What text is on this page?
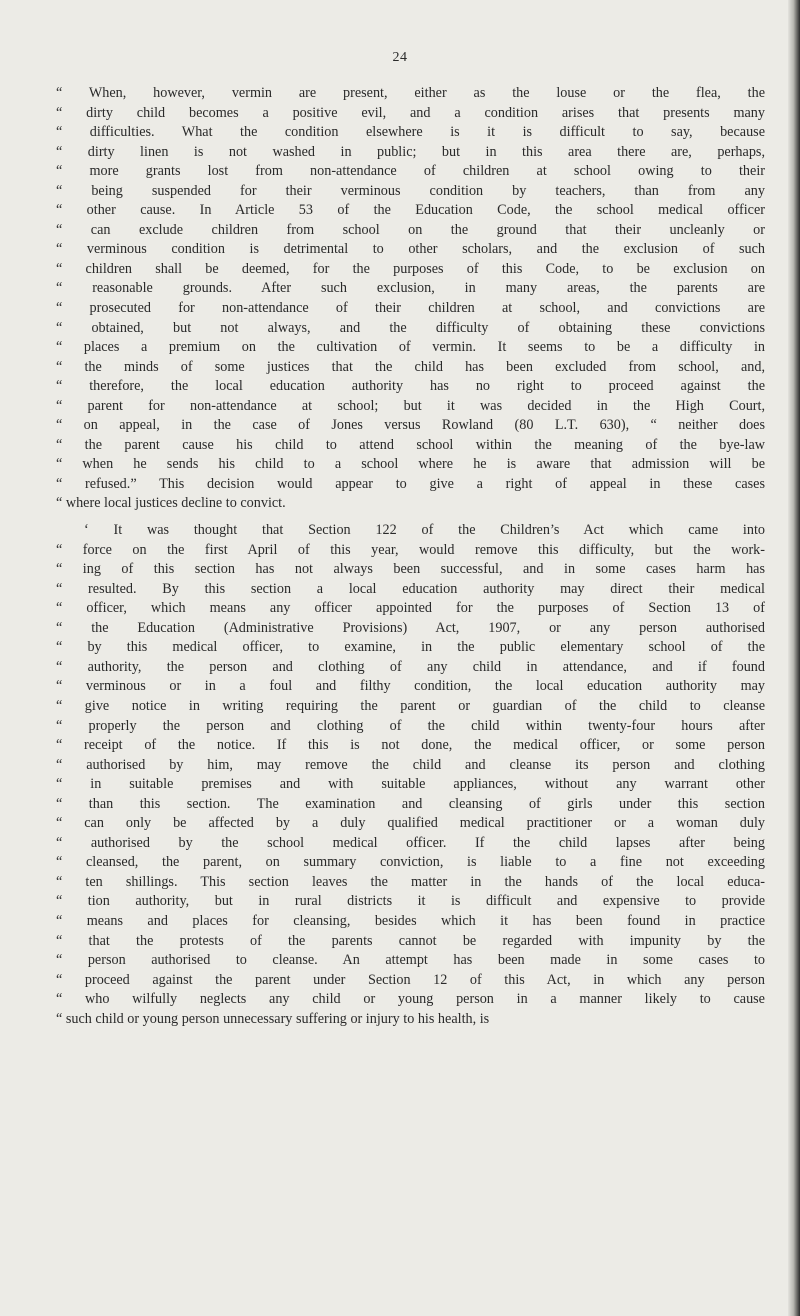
24
“ When, however, vermin are present, either as the louse or the flea, the
“ dirty child becomes a positive evil, and a condition arises that presents many
“ difficulties. What the condition elsewhere is it is difficult to say, because
“ dirty linen is not washed in public; but in this area there are, perhaps,
“ more grants lost from non-attendance of children at school owing to their
“ being suspended for their verminous condition by teachers, than from any
“ other cause. In Article 53 of the Education Code, the school medical officer
“ can exclude children from school on the ground that their uncleanly or
“ verminous condition is detrimental to other scholars, and the exclusion of such
“ children shall be deemed, for the purposes of this Code, to be exclusion on
“ reasonable grounds. After such exclusion, in many areas, the parents are
“ prosecuted for non-attendance of their children at school, and convictions are
“ obtained, but not always, and the difficulty of obtaining these convictions
“ places a premium on the cultivation of vermin. It seems to be a difficulty in
“ the minds of some justices that the child has been excluded from school, and,
“ therefore, the local education authority has no right to proceed against the
“ parent for non-attendance at school; but it was decided in the High Court,
“ on appeal, in the case of Jones versus Rowland (80 L.T. 630), “ neither does
“ the parent cause his child to attend school within the meaning of the bye-law
“ when he sends his child to a school where he is aware that admission will be
“ refused.” This decision would appear to give a right of appeal in these cases
“ where local justices decline to convict.
‘ It was thought that Section 122 of the Children’s Act which came into
“ force on the first April of this year, would remove this difficulty, but the work-
“ ing of this section has not always been successful, and in some cases harm has
“ resulted. By this section a local education authority may direct their medical
“ officer, which means any officer appointed for the purposes of Section 13 of
“ the Education (Administrative Provisions) Act, 1907, or any person authorised
“ by this medical officer, to examine, in the public elementary school of the
“ authority, the person and clothing of any child in attendance, and if found
“ verminous or in a foul and filthy condition, the local education authority may
“ give notice in writing requiring the parent or guardian of the child to cleanse
“ properly the person and clothing of the child within twenty-four hours after
“ receipt of the notice. If this is not done, the medical officer, or some person
“ authorised by him, may remove the child and cleanse its person and clothing
“ in suitable premises and with suitable appliances, without any warrant other
“ than this section. The examination and cleansing of girls under this section
“ can only be affected by a duly qualified medical practitioner or a woman duly
“ authorised by the school medical officer. If the child lapses after being
“ cleansed, the parent, on summary conviction, is liable to a fine not exceeding
“ ten shillings. This section leaves the matter in the hands of the local educa-
“ tion authority, but in rural districts it is difficult and expensive to provide
“ means and places for cleansing, besides which it has been found in practice
“ that the protests of the parents cannot be regarded with impunity by the
“ person authorised to cleanse. An attempt has been made in some cases to
“ proceed against the parent under Section 12 of this Act, in which any person
“ who wilfully neglects any child or young person in a manner likely to cause
“ such child or young person unnecessary suffering or injury to his health, is
